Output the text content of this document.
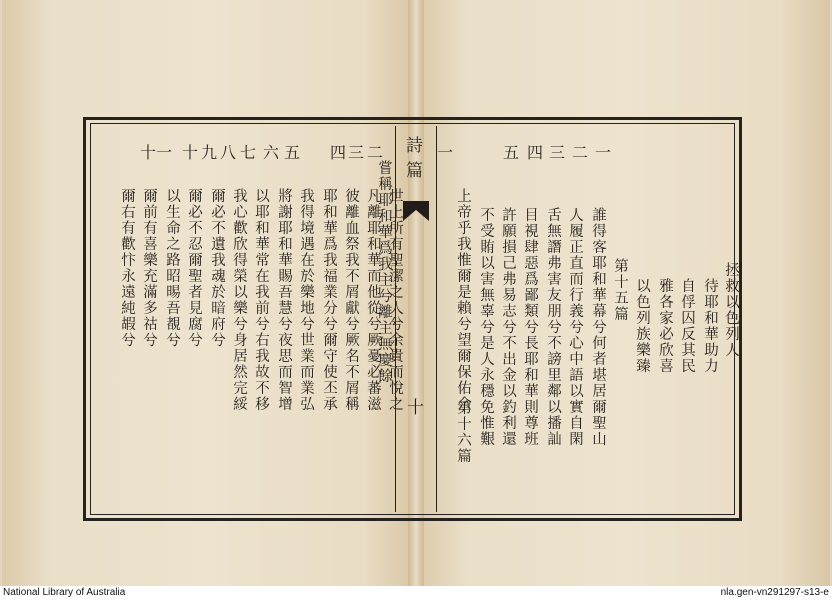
十一 十 九 八 七 六 五 四 三 二	一	五 四 三 二 一
詩篇
十 上帝乎我惟爾是賴兮望爾保佑余
第十六篇 不受賄以害無辜兮是人永穩免惟艱 許願損己弗易志兮不出金以釣利還 目視肆惡爲鄙類兮長耶和華則尊班 舌無譖弗害友朋兮不謗里鄰以播訕 人履正直而行義兮心中語以實自閑 誰得客耶和華幕兮何者堪居爾聖山 第十五篇 以色列族樂臻 雅各家必欣喜 自俘囚反其民 待耶和華助力 拯救以色列人
爾右有歡忭永遠純嘏兮 爾前有喜樂充滿多祜兮 以生命之路昭晹吾覩兮 爾必不忍爾聖者見腐兮 爾必不遺我魂於暗府兮 我心歡欣得榮以樂兮身居然完綏 以耶和華常在我前兮右我故不移 將謝耶和華賜吾慧兮夜思而智增 我得境遇在於樂地兮世業而業弘 耶和華爲我福業分兮爾守使丕承 彼離血祭我不屑獻兮厥名不屑稱 凡離耶和華而他從兮厥憂必蕃滋 世上所有聖潔之人兮余貴而悅之
嘗稱耶和華爲我主兮離主無慶餘
National Library of Australia	nla.gen-vn291297-s13-e
